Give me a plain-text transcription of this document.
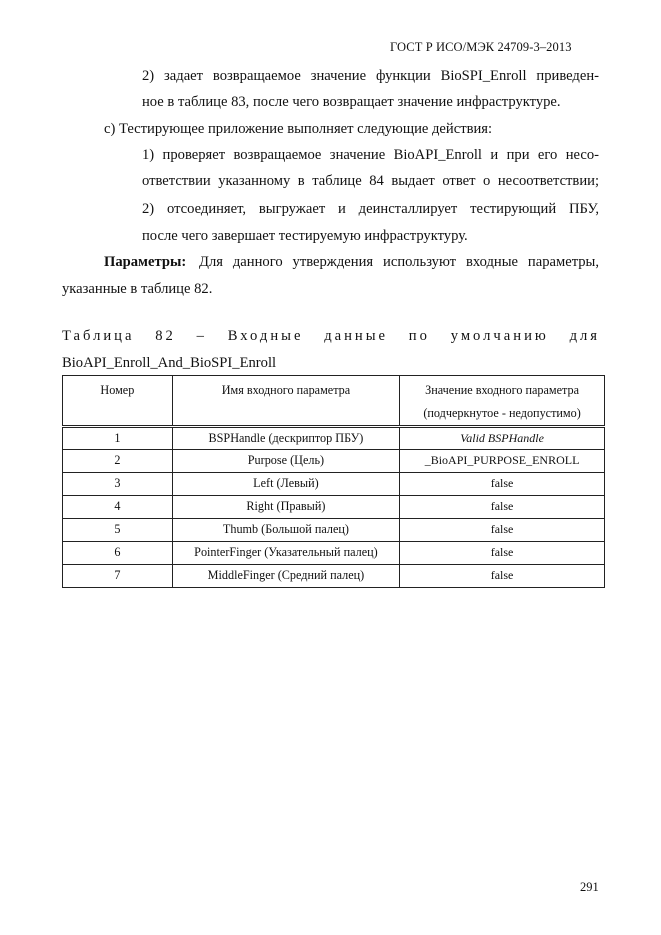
ГОСТ Р ИСО/МЭК 24709-3–2013
2) задает возвращаемое значение функции BioSPI_Enroll приведен-
ное в таблице 83, после чего возвращает значение инфраструктуре.
c) Тестирующее приложение выполняет следующие действия:
1) проверяет возвращаемое значение BioAPI_Enroll и при его несо-
ответствии указанному в таблице 84 выдает ответ о несоответствии;
2) отсоединяет, выгружает и деинсталлирует тестирующий ПБУ,
после чего завершает тестируемую инфраструктуру.
Параметры: Для данного утверждения используют входные параметры,
указанные в таблице 82.
Таблица 82 – Входные данные по умолчанию для
BioAPI_Enroll_And_BioSPI_Enroll
Номер	Имя входного параметра	Значение входного параметра
(подчеркнутое - недопустимо)

1	BSPHandle (дескриптор ПБУ)	Valid BSPHandle
2	Purpose (Цель)	_BioAPI_PURPOSE_ENROLL
3	Left (Левый)	false
4	Right (Правый)	false
5	Thumb (Большой палец)	false
6	PointerFinger (Указательный палец)	false
7	MiddleFinger (Средний палец)	false
291
